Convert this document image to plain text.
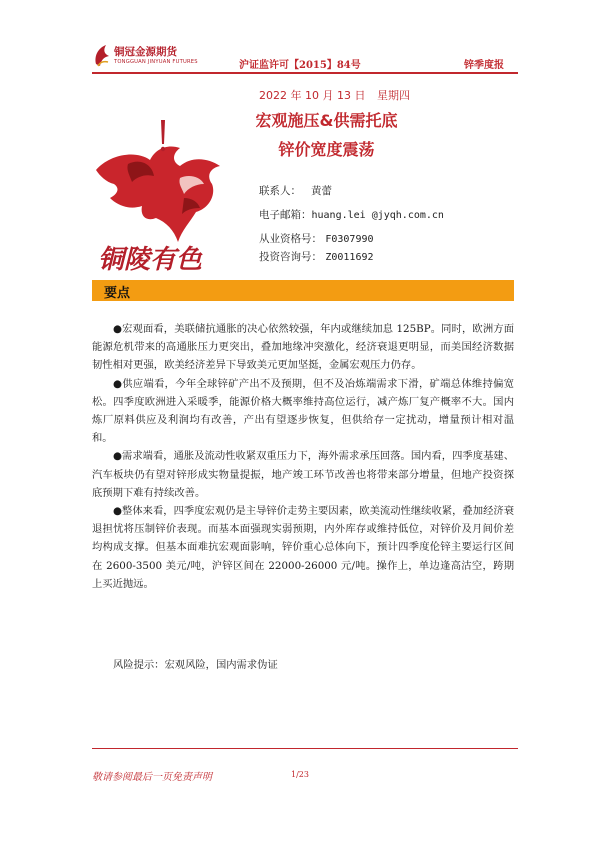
铜冠金源期货
TONGGUAN JINYUAN FUTURES	沪证监许可【2015】84号	锌季度报
2022 年 10 月 13 日 星期四
宏观施压&供需托底
锌价宽度震荡
铜陵有色
联系人： 黄蕾
电子邮箱：huang.lei @jyqh.com.cn
从业资格号： F0307990
投资咨询号： Z0011692
要点

●宏观面看，美联储抗通胀的决心依然较强，年内或继续加息 125BP。同时，欧洲方面能源危机带来的高通胀压力更突出，叠加地缘冲突激化，经济衰退更明显，而美国经济数据韧性相对更强，欧美经济差异下导致美元更加坚挺，金属宏观压力仍存。

●供应端看，今年全球锌矿产出不及预期，但不及冶炼端需求下滑，矿端总体维持偏宽松。四季度欧洲进入采暖季，能源价格大概率维持高位运行，减产炼厂复产概率不大。国内炼厂原料供应及利润均有改善，产出有望逐步恢复，但供给存一定扰动，增量预计相对温和。

●需求端看，通胀及流动性收紧双重压力下，海外需求承压回落。国内看，四季度基建、汽车板块仍有望对锌形成实物量提振，地产竣工环节改善也将带来部分增量，但地产投资探底预期下难有持续改善。

●整体来看，四季度宏观仍是主导锌价走势主要因素，欧美流动性继续收紧，叠加经济衰退担忧将压制锌价表现。而基本面强现实弱预期，内外库存或维持低位，对锌价及月间价差均构成支撑。但基本面难抗宏观面影响，锌价重心总体向下，预计四季度伦锌主要运行区间在 2600-3500 美元/吨，沪锌区间在 22000-26000 元/吨。操作上，单边逢高沽空，跨期上买近抛远。

风险提示：宏观风险，国内需求伪证
敬请参阅最后一页免责声明	1/23
